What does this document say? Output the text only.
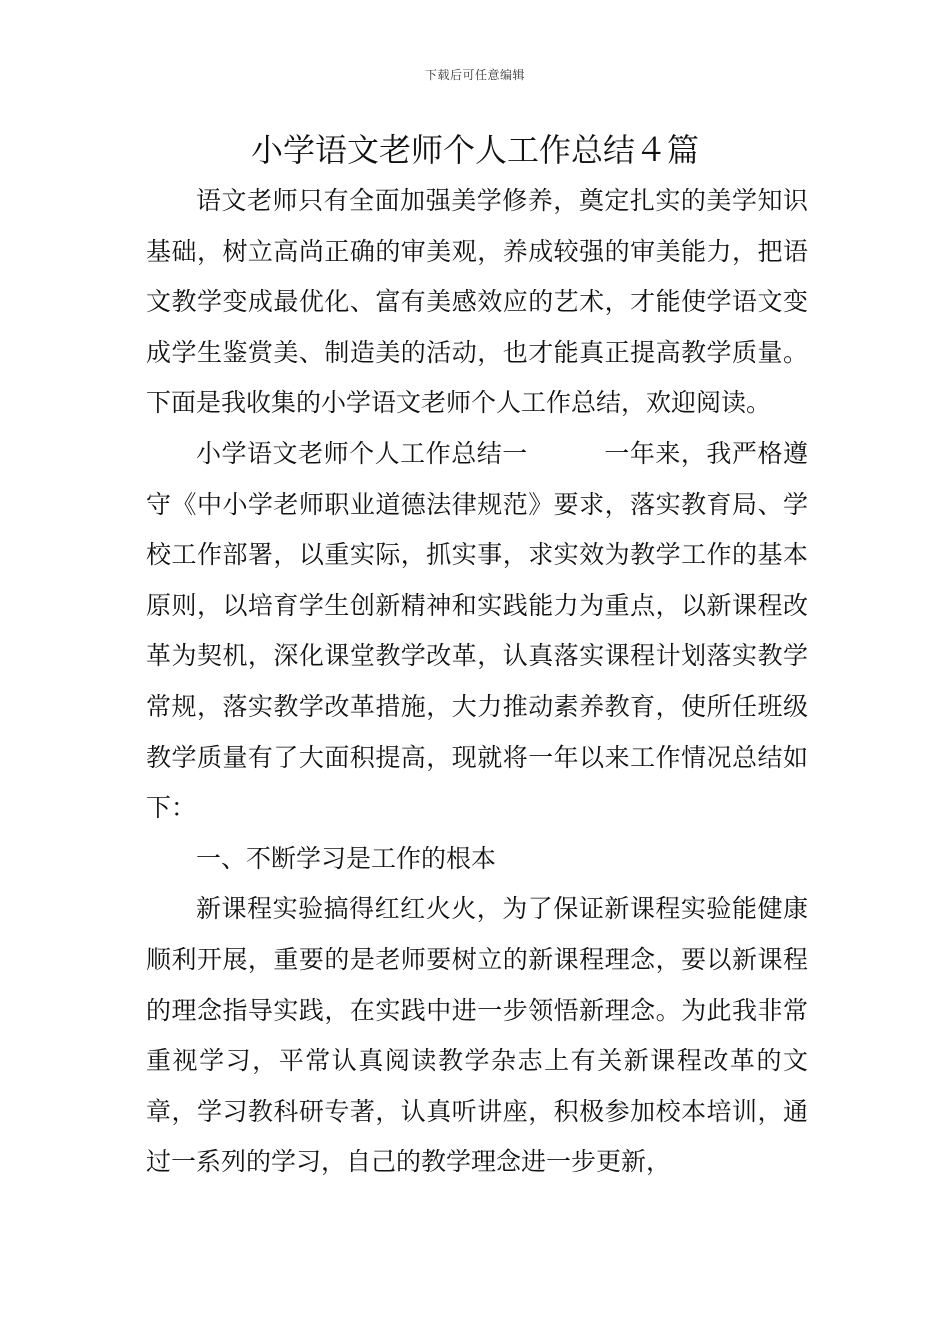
下载后可任意编辑
小学语文老师个人工作总结４篇

语文老师只有全面加强美学修养，奠定扎实的美学知识基础，树立高尚正确的审美观，养成较强的审美能力，把语文教学变成最优化、富有美感效应的艺术，才能使学语文变成学生鉴赏美、制造美的活动，也才能真正提高教学质量。下面是我收集的小学语文老师个人工作总结，欢迎阅读。

小学语文老师个人工作总结一　　　	一年来，我严格遵守《中小学老师职业道德法律规范》要求，落实教育局、学校工作部署，以重实际，抓实事，求实效为教学工作的基本原则，以培育学生创新精神和实践能力为重点，以新课程改革为契机，深化课堂教学改革，认真落实课程计划落实教学常规，落实教学改革措施，大力推动素养教育，使所任班级教学质量有了大面积提高，现就将一年以来工作情况总结如下：

一、不断学习是工作的根本

新课程实验搞得红红火火，为了保证新课程实验能健康顺利开展，重要的是老师要树立的新课程理念，要以新课程的理念指导实践，在实践中进一步领悟新理念。为此我非常重视学习，平常认真阅读教学杂志上有关新课程改革的文章，学习教科研专著，认真听讲座，积极参加校本培训，通过一系列的学习，自己的教学理念进一步更新，
